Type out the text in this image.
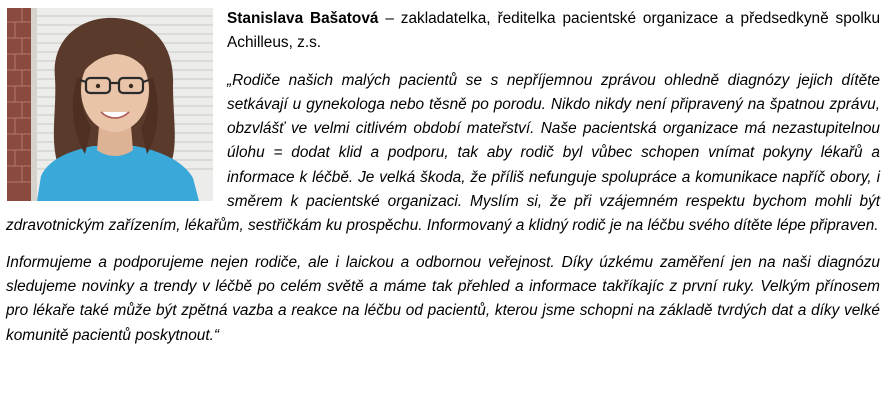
Stanislava Bašatová – zakladatelka, ředitelka pacientské organizace a předsedkyně spolku Achilleus, z.s.

„Rodiče našich malých pacientů se s nepříjemnou zprávou ohledně diagnózy jejich dítěte setkávají u gynekologa nebo těsně po porodu. Nikdo nikdy není připravený na špatnou zprávu, obzvlášť ve velmi citlivém období mateřství. Naše pacientská organizace má nezastupitelnou úlohu = dodat klid a podporu, tak aby rodič byl vůbec schopen vnímat pokyny lékařů a informace k léčbě. Je velká škoda, že příliš nefunguje spolupráce a komunikace napříč obory, i směrem k pacientské organizaci. Myslím si, že při vzájemném respektu bychom mohli být zdravotnickým zařízením, lékařům, sestřičkám ku prospěchu. Informovaný a klidný rodič je na léčbu svého dítěte lépe připraven.

Informujeme a podporujeme nejen rodiče, ale i laickou a odbornou veřejnost. Díky úzkému zaměření jen na naši diagnózu sledujeme novinky a trendy v léčbě po celém světě a máme tak přehled a informace takříkajíc z první ruky. Velkým přínosem pro lékaře také může být zpětná vazba a reakce na léčbu od pacientů, kterou jsme schopni na základě tvrdých dat a díky velké komunitě pacientů poskytnout.“
